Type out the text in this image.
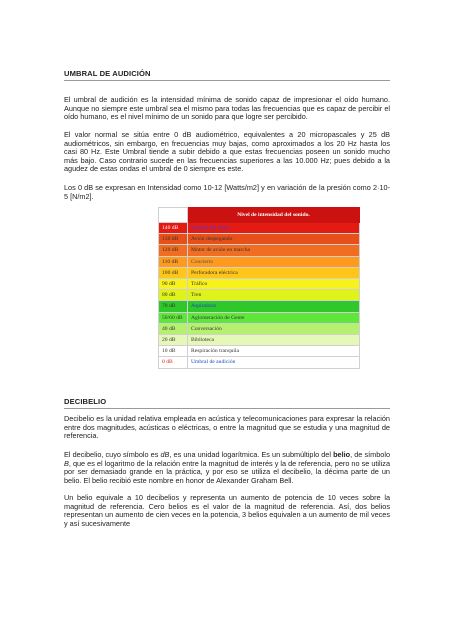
UMBRAL DE AUDICIÓN

El umbral de audición es la intensidad mínima de sonido capaz de impresionar el oído humano. Aunque no siempre este umbral sea el mismo para todas las frecuencias que es capaz de percibir el oído humano, es el nivel mínimo de un sonido para que logre ser percibido.

El valor normal se sitúa entre 0 dB audiométrico, equivalentes a 20 micropascales y 25 dB audiométricos, sin embargo, en frecuencias muy bajas, como aproximados a los 20 Hz hasta los casi 80 Hz. Este Umbral tiende a subir debido a que estas frecuencias poseen un sonido mucho más bajo. Caso contrario sucede en las frecuencias superiores a las 10.000 Hz; pues debido a la agudez de estas ondas el umbral de 0 siempre es este.

Los 0 dB se expresan en Intensidad como 10-12 [Watts/m2] y en variación de la presión como 2·10-5 [N/m2].

	Nivel de intensidad del sonido.
140 dB	Umbral del dolor
130 dB	Avión despegando
120 dB	Motor de avión en marcha
110 dB	Concierto
100 dB	Perforadora eléctrica
90 dB	Tráfico
80 dB	Tren
70 dB	Aspiradora
50/60 dB	Aglomeración de Gente
40 dB	Conversación
20 dB	Biblioteca
10 dB	Respiración tranquila
0 dB	Umbral de audición
DECIBELIO

Decibelio es la unidad relativa empleada en acústica y telecomunicaciones para expresar la relación entre dos magnitudes, acústicas o eléctricas, o entre la magnitud que se estudia y una magnitud de referencia.

El decibelio, cuyo símbolo es dB, es una unidad logarítmica. Es un submúltiplo del belio, de símbolo B, que es el logaritmo de la relación entre la magnitud de interés y la de referencia, pero no se utiliza por ser demasiado grande en la práctica, y por eso se utiliza el decibelio, la décima parte de un belio. El belio recibió este nombre en honor de Alexander Graham Bell.

Un belio equivale a 10 decibelios y representa un aumento de potencia de 10 veces sobre la magnitud de referencia. Cero belios es el valor de la magnitud de referencia. Así, dos belios representan un aumento de cien veces en la potencia, 3 belios equivalen a un aumento de mil veces y así sucesivamente
